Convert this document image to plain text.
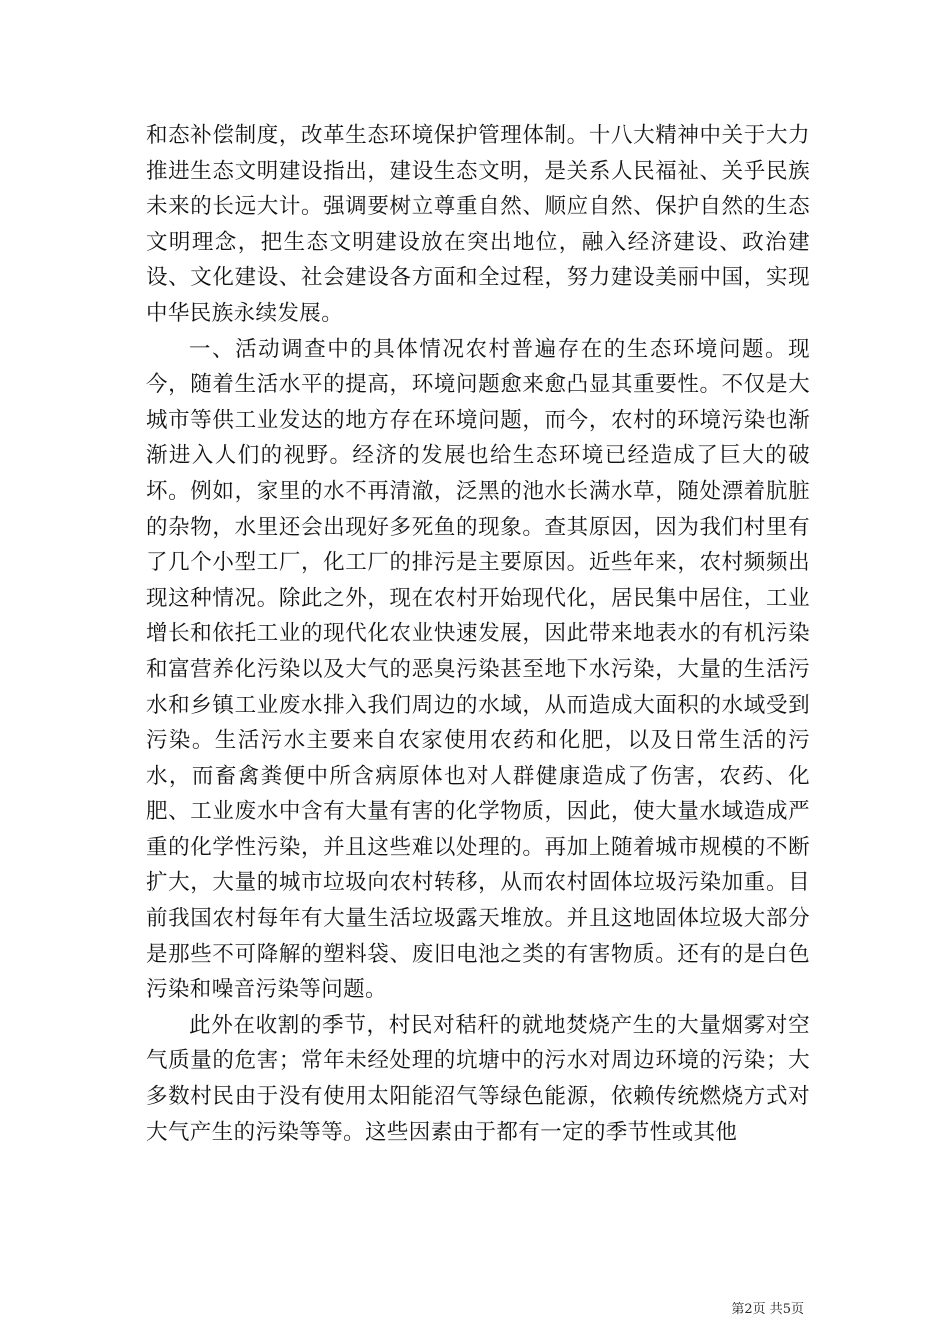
和态补偿制度，改革生态环境保护管理体制。十八大精神中关于大力推进生态文明建设指出，建设生态文明，是关系人民福祉、关乎民族未来的长远大计。强调要树立尊重自然、顺应自然、保护自然的生态文明理念，把生态文明建设放在突出地位，融入经济建设、政治建设、文化建设、社会建设各方面和全过程，努力建设美丽中国，实现中华民族永续发展。

一、活动调查中的具体情况农村普遍存在的生态环境问题。现今，随着生活水平的提高，环境问题愈来愈凸显其重要性。不仅是大城市等供工业发达的地方存在环境问题，而今，农村的环境污染也渐渐进入人们的视野。经济的发展也给生态环境已经造成了巨大的破坏。例如，家里的水不再清澈，泛黑的池水长满水草，随处漂着肮脏的杂物，水里还会出现好多死鱼的现象。查其原因，因为我们村里有了几个小型工厂，化工厂的排污是主要原因。近些年来，农村频频出现这种情况。除此之外，现在农村开始现代化，居民集中居住，工业增长和依托工业的现代化农业快速发展，因此带来地表水的有机污染和富营养化污染以及大气的恶臭污染甚至地下水污染，大量的生活污水和乡镇工业废水排入我们周边的水域，从而造成大面积的水域受到污染。生活污水主要来自农家使用农药和化肥，以及日常生活的污水，而畜禽粪便中所含病原体也对人群健康造成了伤害，农药、化肥、工业废水中含有大量有害的化学物质，因此，使大量水域造成严重的化学性污染，并且这些难以处理的。再加上随着城市规模的不断扩大，大量的城市垃圾向农村转移，从而农村固体垃圾污染加重。目前我国农村每年有大量生活垃圾露天堆放。并且这地固体垃圾大部分是那些不可降解的塑料袋、废旧电池之类的有害物质。还有的是白色污染和噪音污染等问题。

此外在收割的季节，村民对秸秆的就地焚烧产生的大量烟雾对空气质量的危害；常年未经处理的坑塘中的污水对周边环境的污染；大多数村民由于没有使用太阳能沼气等绿色能源，依赖传统燃烧方式对大气产生的污染等等。这些因素由于都有一定的季节性或其他

第2页 共5页
